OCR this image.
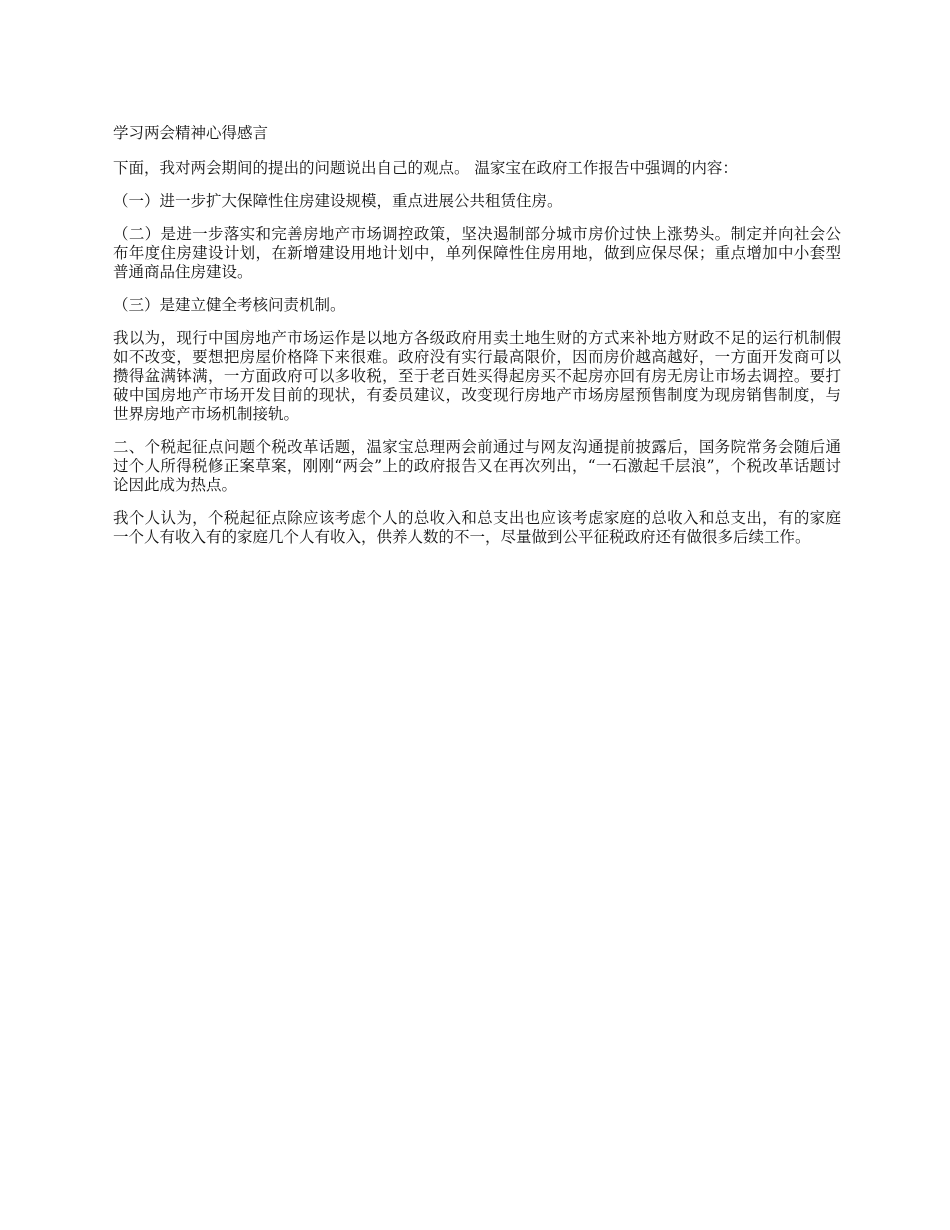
学习两会精神心得感言

下面，我对两会期间的提出的问题说出自己的观点。 温家宝在政府工作报告中强调的内容：

（一）进一步扩大保障性住房建设规模，重点进展公共租赁住房。

（二）是进一步落实和完善房地产市场调控政策，坚决遏制部分城市房价过快上涨势头。制定并向社会公布年度住房建设计划，在新增建设用地计划中，单列保障性住房用地，做到应保尽保；重点增加中小套型普通商品住房建设。

（三）是建立健全考核问责机制。

我以为，现行中国房地产市场运作是以地方各级政府用卖土地生财的方式来补地方财政不足的运行机制假如不改变，要想把房屋价格降下来很难。政府没有实行最高限价，因而房价越高越好，一方面开发商可以攒得盆满钵满，一方面政府可以多收税，至于老百姓买得起房买不起房亦回有房无房让市场去调控。要打破中国房地产市场开发目前的现状，有委员建议，改变现行房地产市场房屋预售制度为现房销售制度，与世界房地产市场机制接轨。

二、个税起征点问题个税改革话题，温家宝总理两会前通过与网友沟通提前披露后，国务院常务会随后通过个人所得税修正案草案，刚刚“两会”上的政府报告又在再次列出，“一石激起千层浪”，个税改革话题讨论因此成为热点。

我个人认为，个税起征点除应该考虑个人的总收入和总支出也应该考虑家庭的总收入和总支出，有的家庭一个人有收入有的家庭几个人有收入，供养人数的不一，尽量做到公平征税政府还有做很多后续工作。
